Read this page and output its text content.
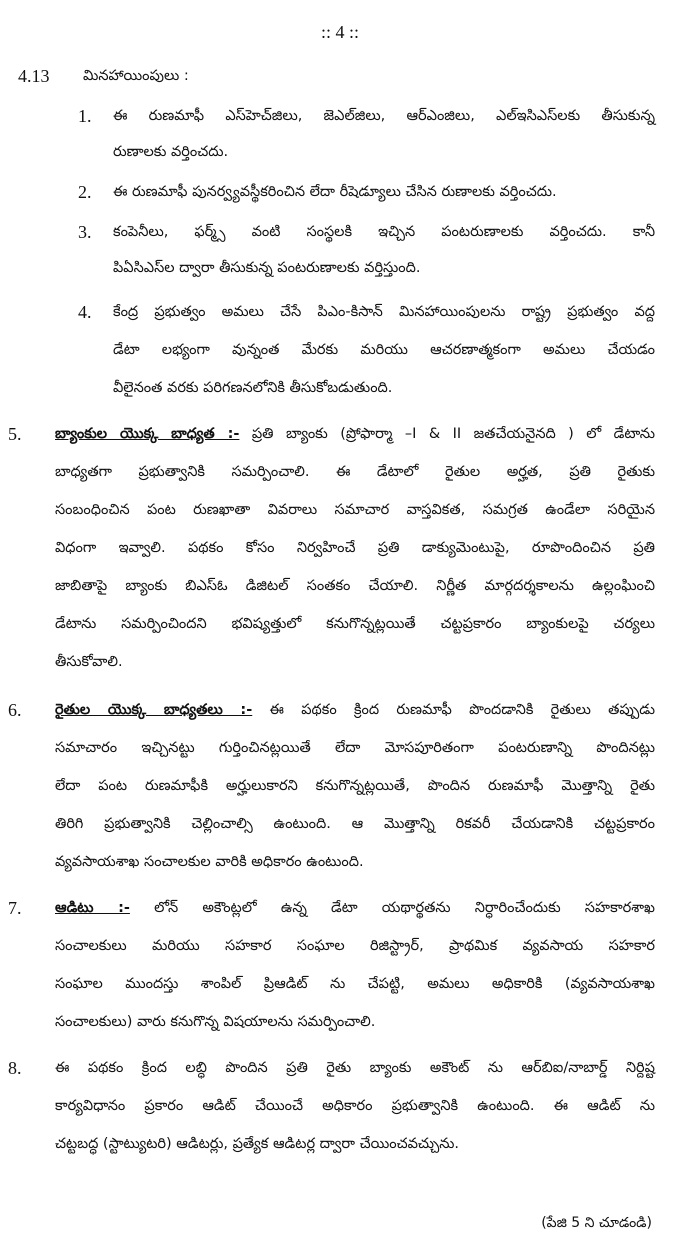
:: 4 ::
4.13 మినహాయింపులు :
1. ఈ రుణమాఫీ ఎస్‌హెచ్‌జిలు, జెఎల్‌జిలు, ఆర్ఎంజిలు, ఎల్ఇసిఎస్‌లకు తీసుకున్న
రుణాలకు వర్తించదు.
2. ఈ రుణమాఫీ పునర్వ్యవస్థీకరించిన లేదా రీషెడ్యూలు చేసిన రుణాలకు వర్తించదు.
3. కంపెనీలు, ఫర్మ్స్ వంటి సంస్థలకి ఇచ్చిన పంటరుణాలకు వర్తించదు. కానీ
పిఏసిఎస్‌ల ద్వారా తీసుకున్న పంటరుణాలకు వర్తిస్తుంది.
4. కేంద్ర ప్రభుత్వం అమలు చేసే పిఎం-కిసాన్ మినహాయింపులను రాష్ట్ర ప్రభుత్వం వద్ద
డేటా లభ్యంగా వున్నంత మేరకు మరియు ఆచరణాత్మకంగా అమలు చేయడం
వీలైనంత వరకు పరిగణనలోనికి తీసుకోబడుతుంది.
5. బ్యాంకుల యొక్క బాధ్యత :- ప్రతి బ్యాంకు (ప్రోఫార్మా –I & II జతచేయనైనది ) లో డేటాను
బాధ్యతగా ప్రభుత్వానికి సమర్పించాలి. ఈ డేటాలో రైతుల అర్హత, ప్రతి రైతుకు
సంబంధించిన పంట రుణఖాతా వివరాలు సమాచార వాస్తవికత, సమగ్రత ఉండేలా సరియైన
విధంగా ఇవ్వాలి. పథకం కోసం నిర్వహించే ప్రతి డాక్యుమెంటుపై, రూపొందించిన ప్రతి
జాబితాపై బ్యాంకు బిఎస్ఓ డిజిటల్ సంతకం చేయాలి. నిర్ణీత మార్గదర్శకాలను ఉల్లంఘించి
డేటాను సమర్పించిందని భవిష్యత్తులో కనుగొన్నట్లయితే చట్టప్రకారం బ్యాంకులపై చర్యలు
తీసుకోవాలి.
6. రైతుల యొక్క బాధ్యతలు :- ఈ పథకం క్రింద రుణమాఫీ పొందడానికి రైతులు తప్పుడు
సమాచారం ఇచ్చినట్టు గుర్తించినట్లయితే లేదా మోసపూరితంగా పంటరుణాన్ని పొందినట్లు
లేదా పంట రుణమాఫీకి అర్హులుకారని కనుగొన్నట్లయితే, పొందిన రుణమాఫీ మొత్తాన్ని రైతు
తిరిగి ప్రభుత్వానికి చెల్లించాల్సి ఉంటుంది. ఆ మొత్తాన్ని రికవరీ చేయడానికి చట్టప్రకారం
వ్యవసాయశాఖ సంచాలకుల వారికి అధికారం ఉంటుంది.
7. ఆడిటు :- లోన్ అకౌంట్లలో ఉన్న డేటా యథార్థతను నిర్ధారించేందుకు సహకారశాఖ
సంచాలకులు మరియు సహకార సంఘాల రిజిస్ట్రార్, ప్రాథమిక వ్యవసాయ సహకార
సంఘాల ముందస్తు శాంపిల్ ప్రిఆడిట్ ను చేపట్టి, అమలు అధికారికి (వ్యవసాయశాఖ
సంచాలకులు) వారు కనుగొన్న విషయాలను సమర్పించాలి.
8. ఈ పథకం క్రింద లబ్ధి పొందిన ప్రతి రైతు బ్యాంకు అకౌంట్ ను ఆర్‌బిఐ/నాబార్డ్ నిర్దిష్ట
కార్యవిధానం ప్రకారం ఆడిట్ చేయించే అధికారం ప్రభుత్వానికి ఉంటుంది. ఈ ఆడిట్ ను
చట్టబద్ధ (స్టాట్యుటరి) ఆడిటర్లు, ప్రత్యేక ఆడిటర్ల ద్వారా చేయించవచ్చును.
(పేజి 5 ని చూడండి)
